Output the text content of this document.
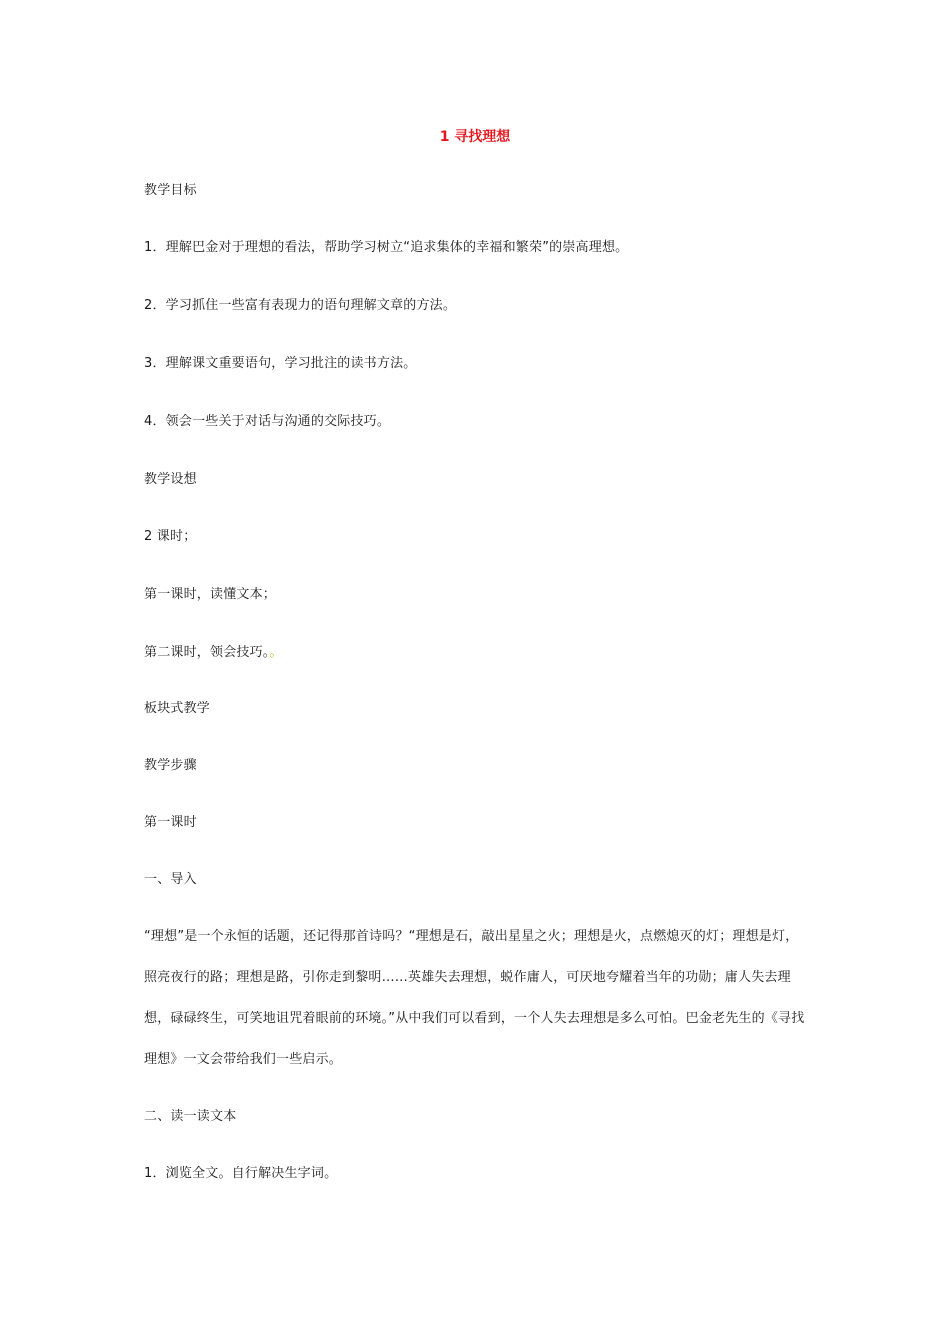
1 寻找理想
教学目标
1．理解巴金对于理想的看法，帮助学习树立“追求集体的幸福和繁荣”的崇高理想。
2．学习抓住一些富有表现力的语句理解文章的方法。
3．理解课文重要语句，学习批注的读书方法。
4．领会一些关于对话与沟通的交际技巧。
教学设想
2 课时；
第一课时，读懂文本；
第二课时，领会技巧。。
板块式教学
教学步骤
第一课时
一、导入
“理想”是一个永恒的话题，还记得那首诗吗？“理想是石，敲出星星之火；理想是火，点燃熄灭的灯；理想是灯，照亮夜行的路；理想是路，引你走到黎明……英雄失去理想，蜕作庸人，可厌地夸耀着当年的功勋；庸人失去理想，碌碌终生，可笑地诅咒着眼前的环境。”从中我们可以看到，一个人失去理想是多么可怕。巴金老先生的《寻找理想》一文会带给我们一些启示。
二、读一读文本
1．浏览全文。自行解决生字词。
